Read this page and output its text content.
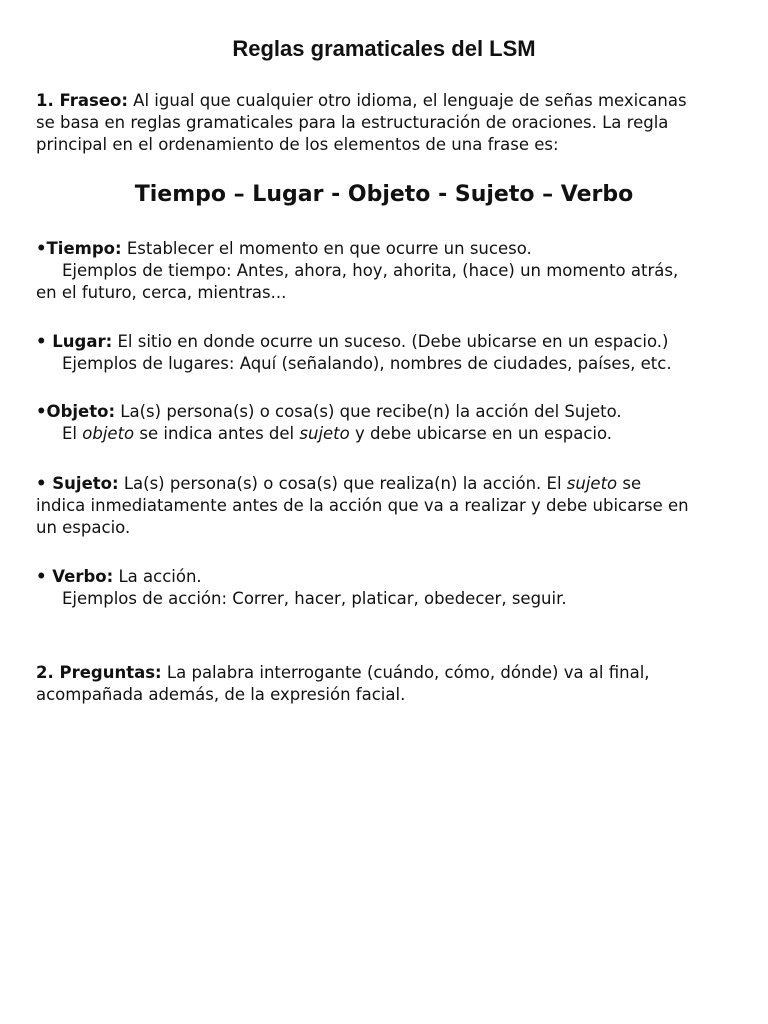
Reglas gramaticales del LSM

1. Fraseo: Al igual que cualquier otro idioma, el lenguaje de señas mexicanas
se basa en reglas gramaticales para la estructuración de oraciones. La regla
principal en el ordenamiento de los elementos de una frase es:

Tiempo – Lugar - Objeto - Sujeto – Verbo

•Tiempo: Establecer el momento en que ocurre un suceso.
Ejemplos de tiempo: Antes, ahora, hoy, ahorita, (hace) un momento atrás,
en el futuro, cerca, mientras...

• Lugar: El sitio en donde ocurre un suceso. (Debe ubicarse en un espacio.)
Ejemplos de lugares: Aquí (señalando), nombres de ciudades, países, etc.

•Objeto: La(s) persona(s) o cosa(s) que recibe(n) la acción del Sujeto.
El objeto se indica antes del sujeto y debe ubicarse en un espacio.

• Sujeto: La(s) persona(s) o cosa(s) que realiza(n) la acción. El sujeto se
indica inmediatamente antes de la acción que va a realizar y debe ubicarse en
un espacio.

• Verbo: La acción.
Ejemplos de acción: Correr, hacer, platicar, obedecer, seguir.

2. Preguntas: La palabra interrogante (cuándo, cómo, dónde) va al final,
acompañada además, de la expresión facial.
